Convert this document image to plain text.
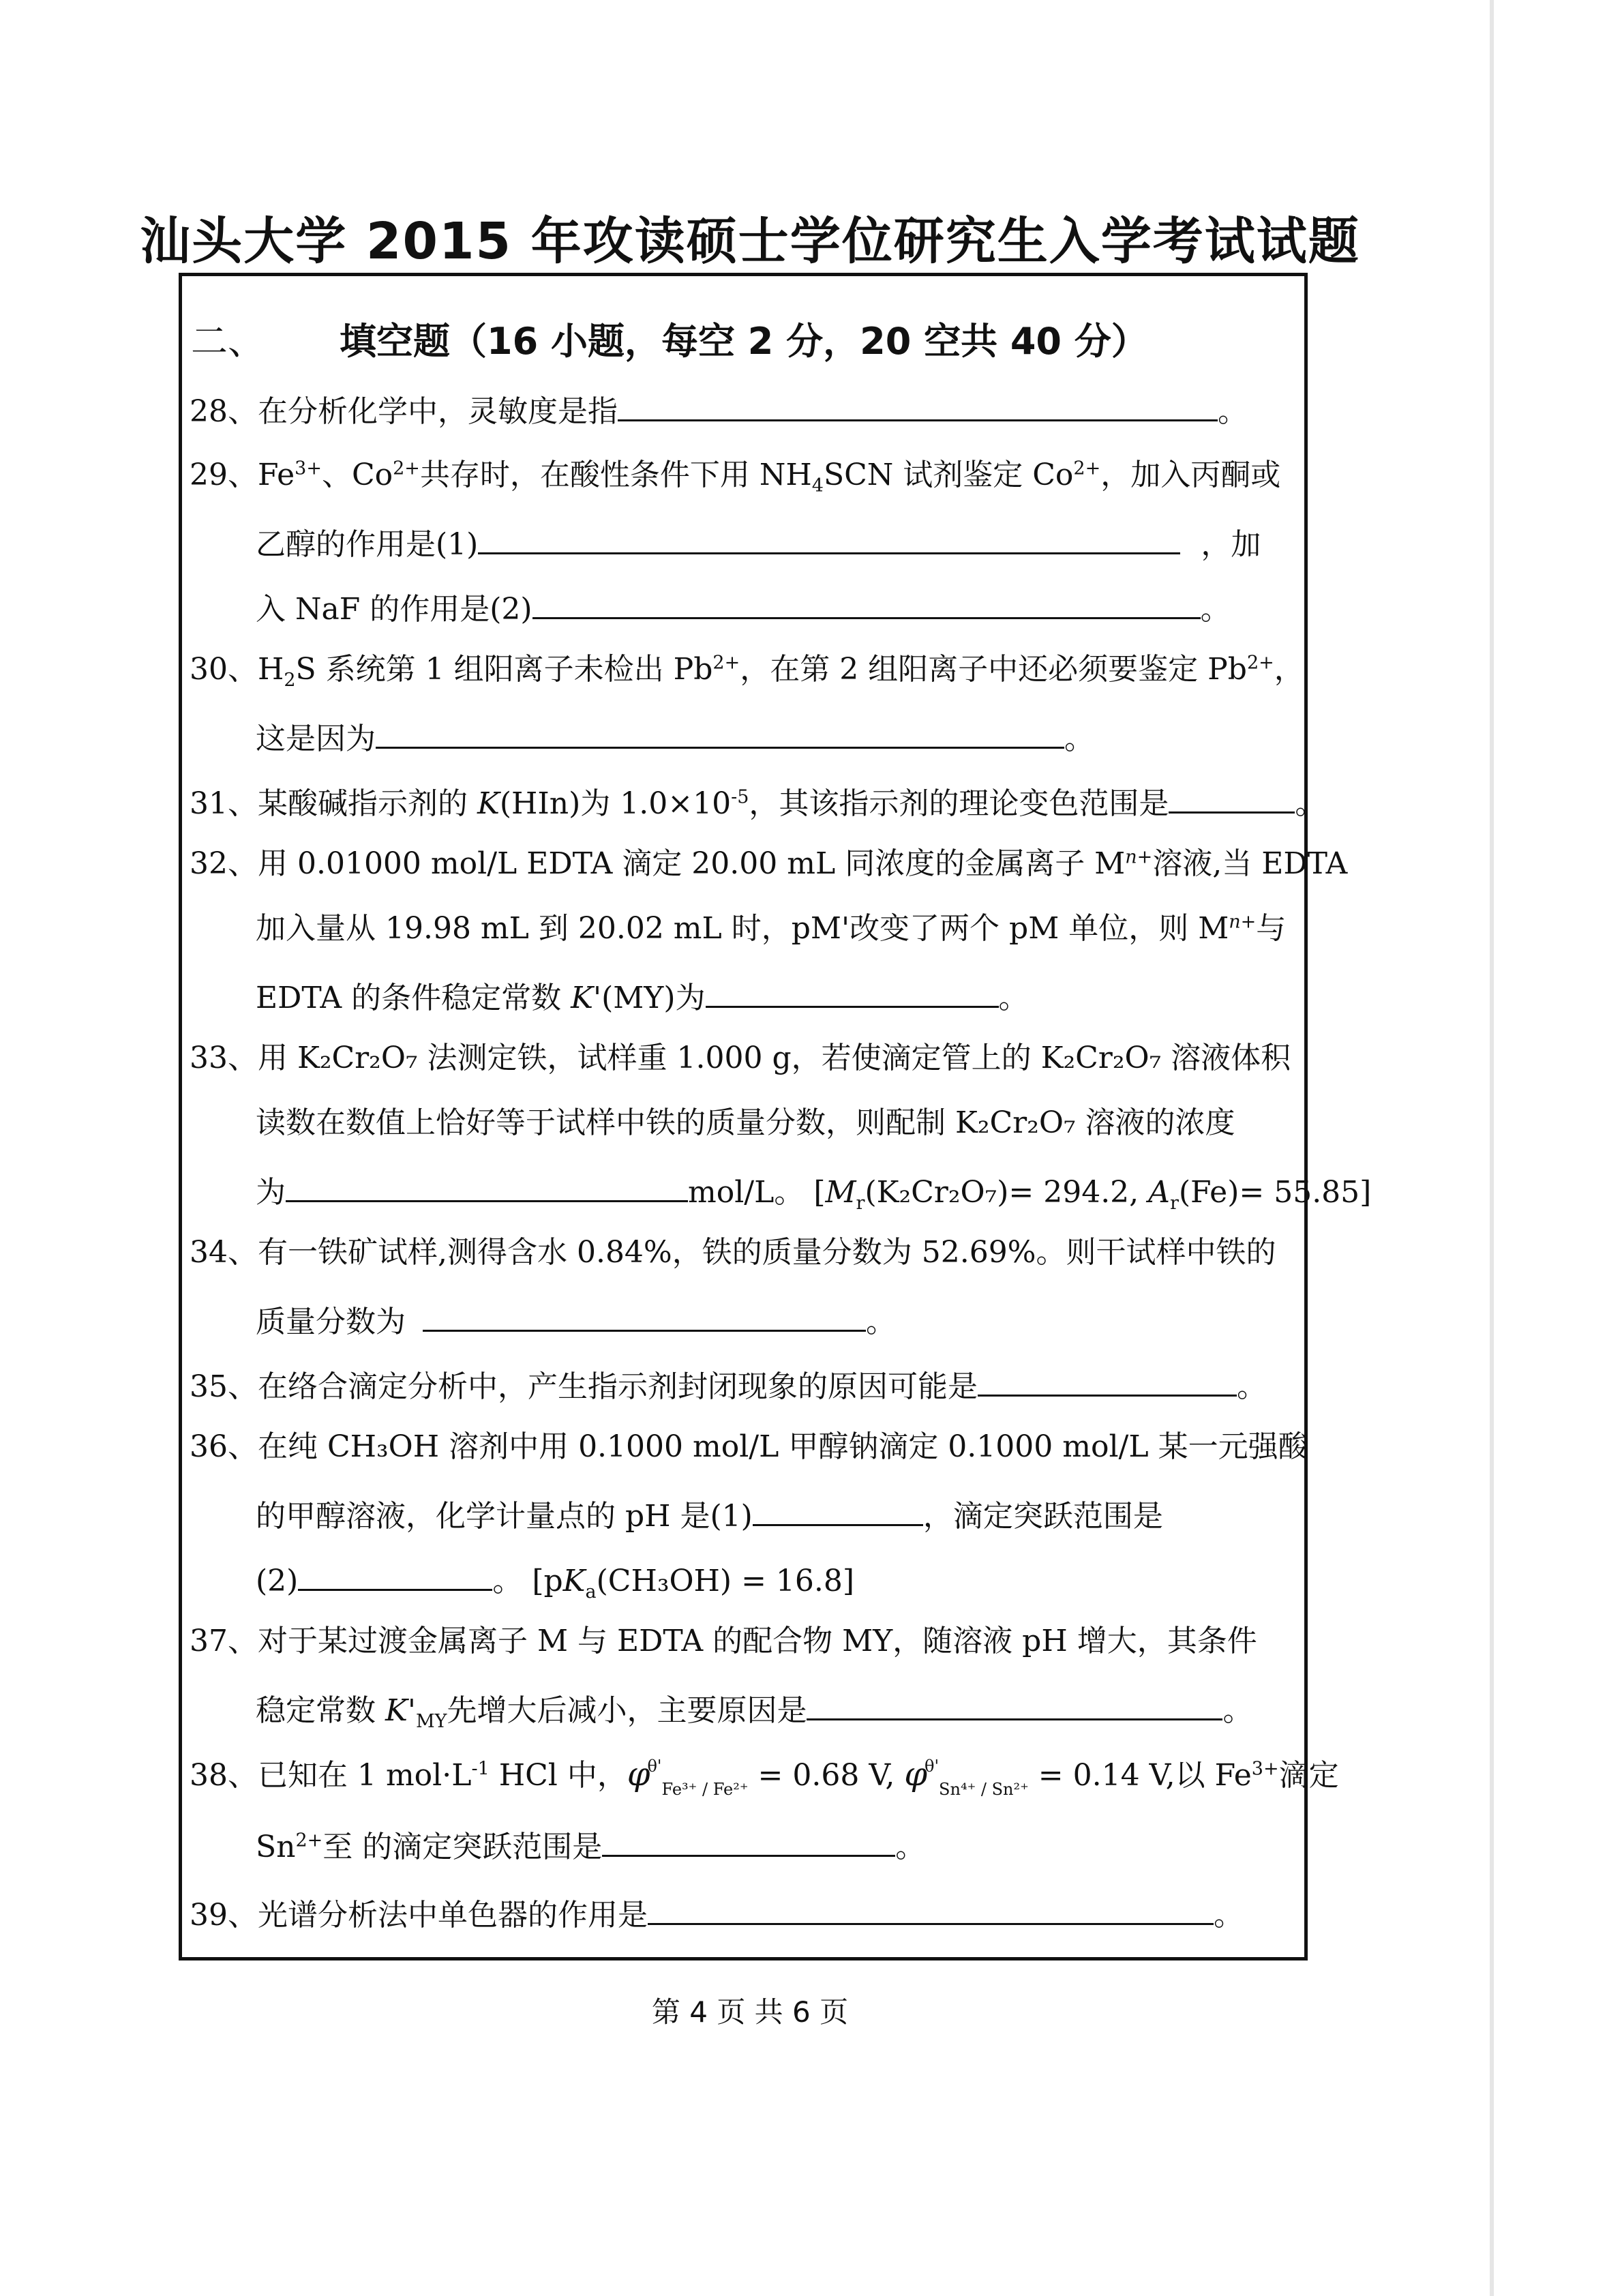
汕头大学 2015 年攻读硕士学位研究生入学考试试题
二、 填空题（16 小题，每空 2 分，20 空共 40 分）
28、在分析化学中，灵敏度是指	。
29、$Fe^{3+}$、$Co^{2+}$共存时，在酸性条件下用 $NH_4SCN$ 试剂鉴定 $Co^{2+}$，加入丙酮或
乙醇的作用是(1)	，加
入 NaF 的作用是(2)	。
30、$H_2S$ 系统第 1 组阳离子未检出 $Pb^{2+}$，在第 2 组阳离子中还必须要鉴定 $Pb^{2+}$，
这是因为	。
31、某酸碱指示剂的 K(HIn)为 $1.0\times 10^{-5}$，其该指示剂的理论变色范围是	。
32、用 0.01000 mol/L EDTA 滴定 20.00 mL 同浓度的金属离子 $M^{n+}$溶液,当 EDTA
加入量从 19.98 mL 到 20.02 mL 时，pM'改变了两个 pM 单位，则 $M^{n+}$与
EDTA 的条件稳定常数 K'(MY)为	。
33、用 K₂Cr₂O₇ 法测定铁，试样重 1.000 g，若使滴定管上的 K₂Cr₂O₇ 溶液体积
读数在数值上恰好等于试样中铁的质量分数，则配制 K₂Cr₂O₇ 溶液的浓度
为	mol/L。 [$M_r(K_2Cr_2O_7)= 294.2$, $A_r(Fe)= 55.85$]
34、有一铁矿试样,测得含水 0.84%，铁的质量分数为 52.69%。则干试样中铁的
质量分数为	。
35、在络合滴定分析中，产生指示剂封闭现象的原因可能是	。
36、在纯 CH₃OH 溶剂中用 0.1000 mol/L 甲醇钠滴定 0.1000 mol/L 某一元强酸
的甲醇溶液，化学计量点的 pH 是(1)	，滴定突跃范围是
(2)	。 $[pK_a(CH_3OH) = 16.8]$
37、对于某过渡金属离子 M 与 EDTA 的配合物 MY，随溶液 pH 增大，其条件
稳定常数 $K'_{MY}$先增大后减小，主要原因是	。
38、已知在 1 $mol\cdot L^{-1}$ HCl 中，φθ'Fe³⁺ / Fe²⁺ = 0.68 V, φθ'Sn⁴⁺ / Sn²⁺ = 0.14 V,以 $Fe^{3+}$滴定
$Sn^{2+}$至 的滴定突跃范围是	。
39、光谱分析法中单色器的作用是	。
第 4 页 共 6 页
